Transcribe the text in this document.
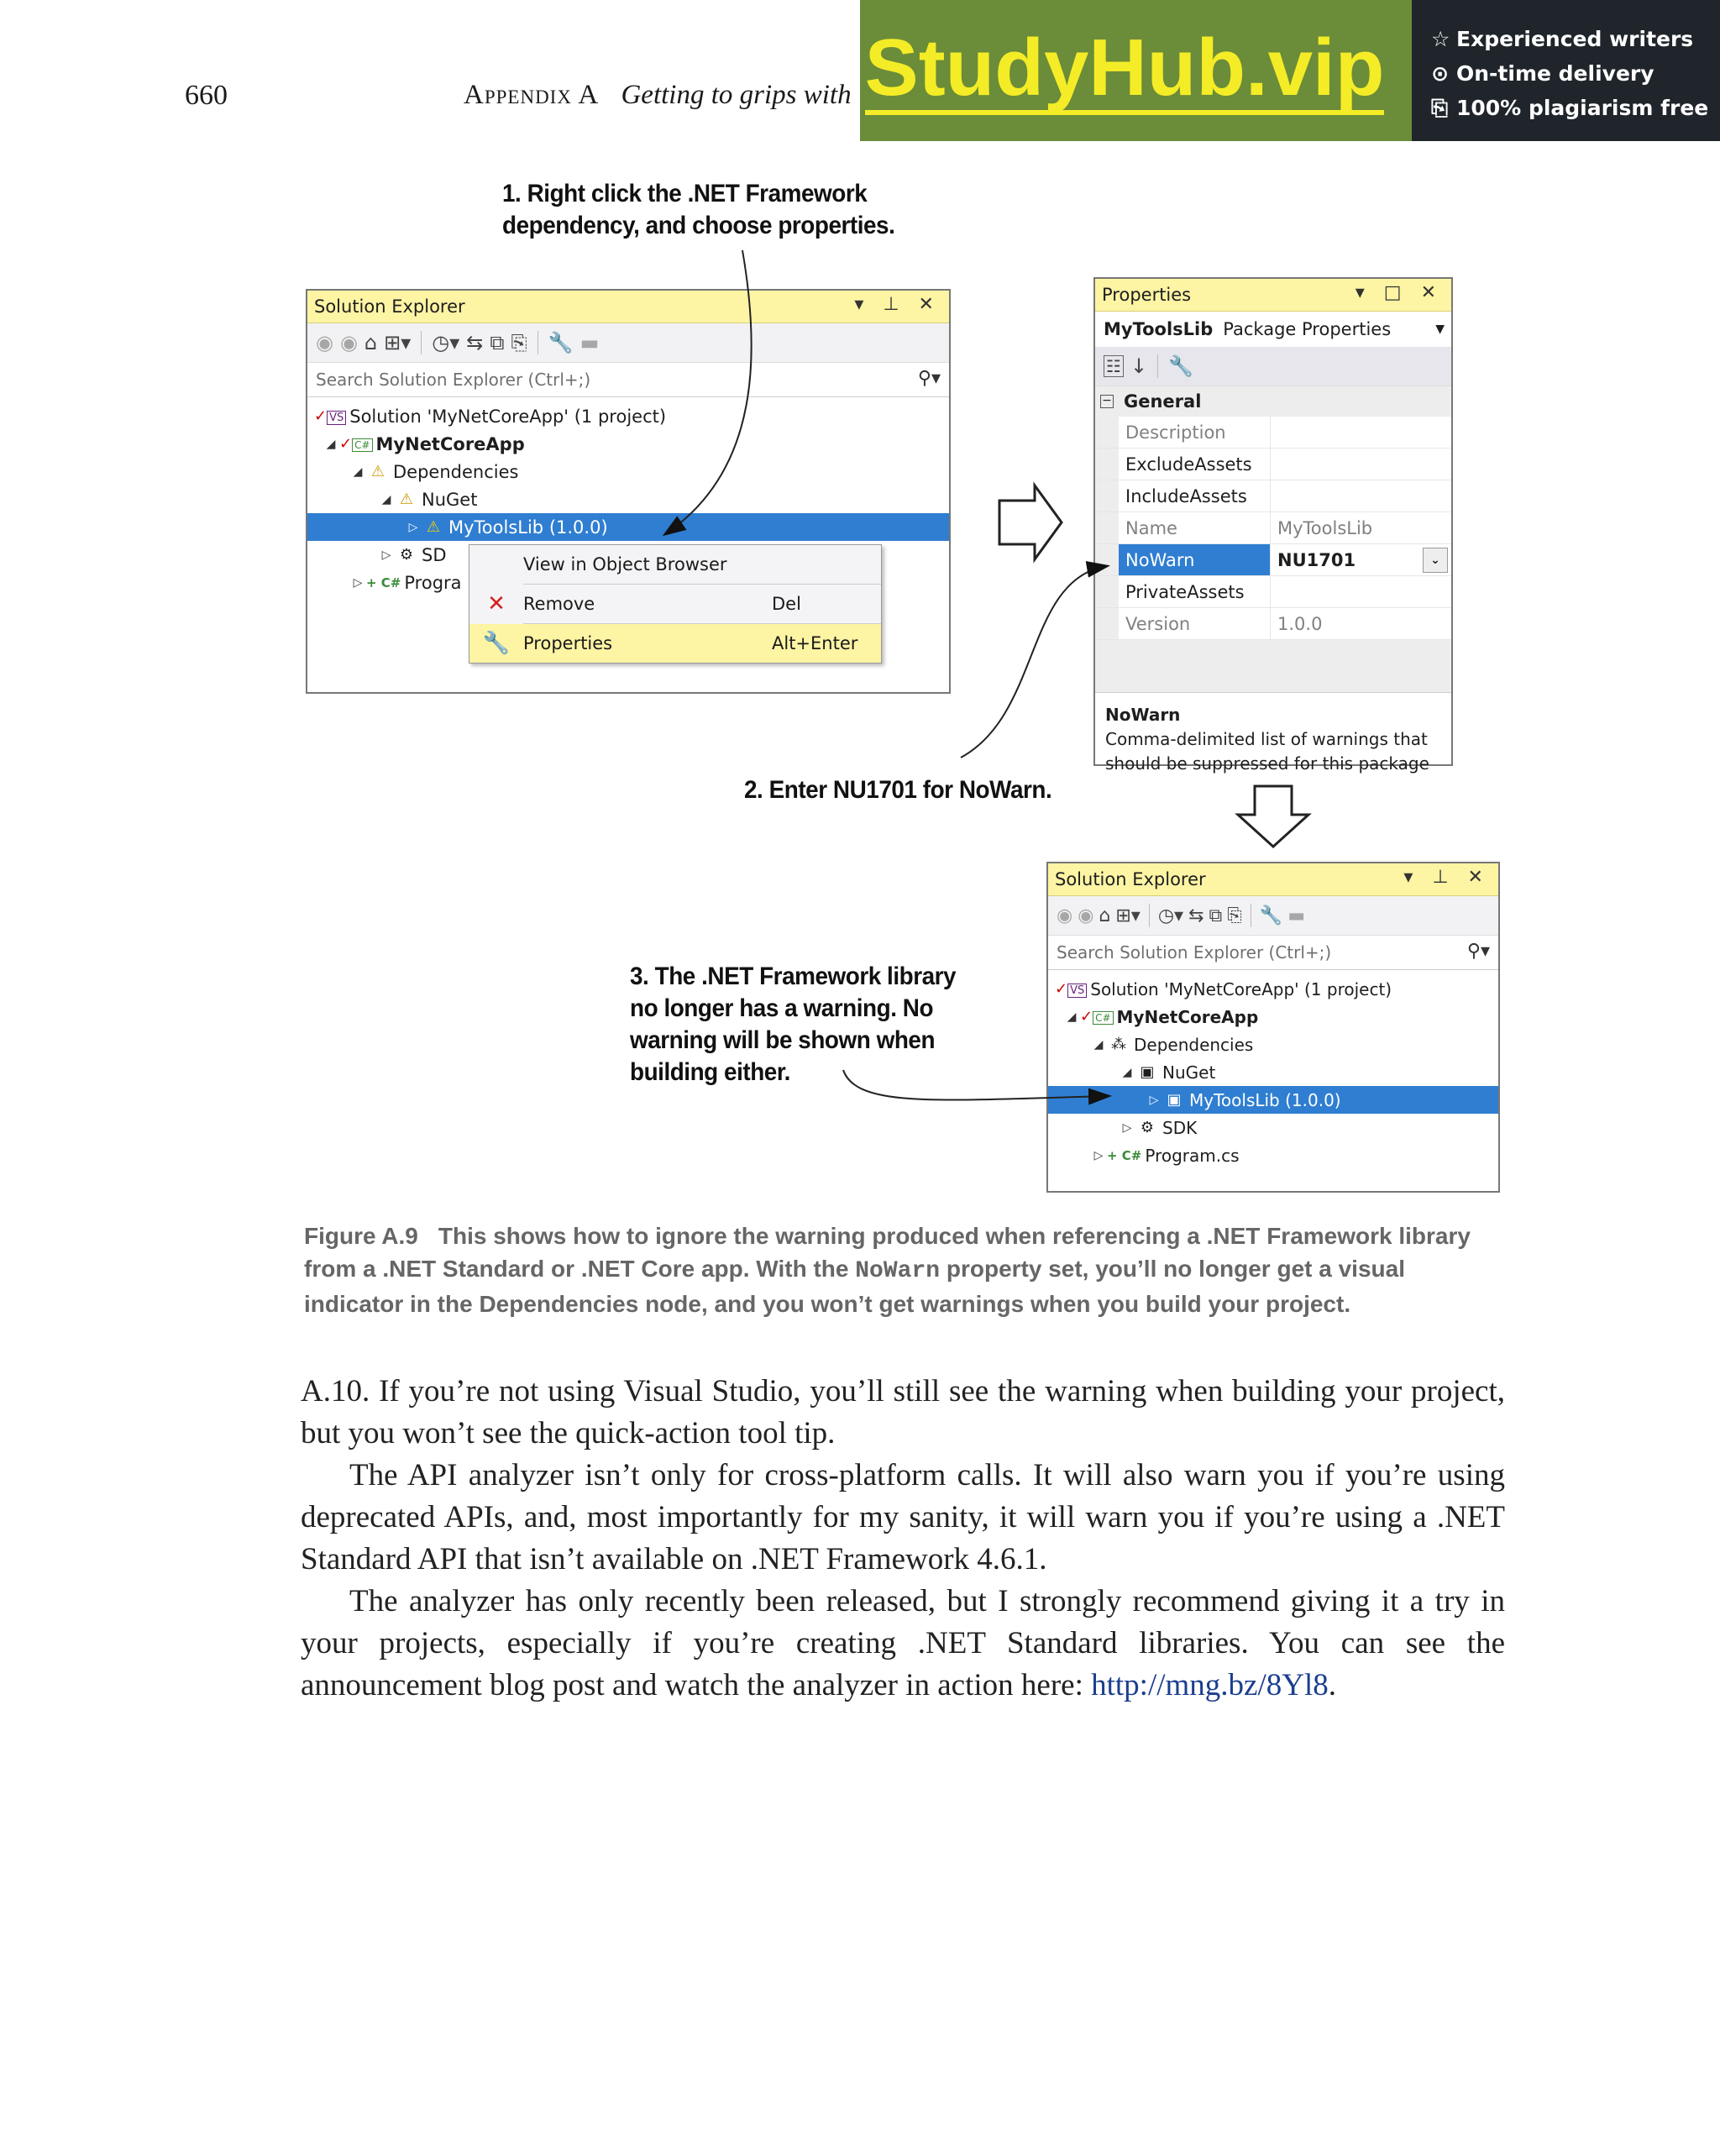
660	Appendix A Getting to grips with StudyHub.vip ☆ Experienced writers
⊙ On-time delivery
⎘ 100% plagiarism free
1. Right click the .NET Framework
dependency, and choose properties.
Solution Explorer	▾ ⊥ ✕
◉ ◉ ⌂ ⊞▾ ◷▾ ⇆ ⧉ ⎘ 🔧 ▬
Search Solution Explorer (Ctrl+;)	⚲▾
✓ VS Solution 'MyNetCoreApp' (1 project)
◢ ✓ C# MyNetCoreApp
◢ ⚠ Dependencies
◢ ⚠ NuGet
▷ ⚠ MyToolsLib (1.0.0)
▷ ⚙ SD
▷ + C# Progra
View in Object Browser
✕	Remove	Del
🔧 Properties	Alt+Enter
Properties	▾ □ ✕
MyToolsLib Package Properties	▼
☷ ↓ 🔧
− General
Description
ExcludeAssets
IncludeAssets
Name	MyToolsLib
NoWarn	NU1701	⌄
PrivateAssets
Version	1.0.0
NoWarn
Comma-delimited list of warnings that should be suppressed for this package
2. Enter NU1701 for NoWarn.
Solution Explorer	▾ ⊥ ✕
◉ ◉ ⌂ ⊞▾ ◷▾ ⇆ ⧉ ⎘ 🔧 ▬
Search Solution Explorer (Ctrl+;)	⚲▾
✓ VS Solution 'MyNetCoreApp' (1 project)
◢ ✓ C# MyNetCoreApp
◢ ⁂ Dependencies
◢ ▣ NuGet
▷ ▣ MyToolsLib (1.0.0)
▷ ⚙ SDK
▷ + C# Program.cs
3. The .NET Framework library
no longer has a warning. No
warning will be shown when
building either.
Figure A.9 This shows how to ignore the warning produced when referencing a .NET Framework library from a .NET Standard or .NET Core app. With the NoWarn property set, you’ll no longer get a visual indicator in the Dependencies node, and you won’t get warnings when you build your project.

A.10. If you’re not using Visual Studio, you’ll still see the warning when building your project, but you won’t see the quick-action tool tip.

The API analyzer isn’t only for cross-platform calls. It will also warn you if you’re using deprecated APIs, and, most importantly for my sanity, it will warn you if you’re using a .NET Standard API that isn’t available on .NET Framework 4.6.1.

The analyzer has only recently been released, but I strongly recommend giving it a try in your projects, especially if you’re creating .NET Standard libraries. You can see the announcement blog post and watch the analyzer in action here: http://mng.bz/8Yl8.
